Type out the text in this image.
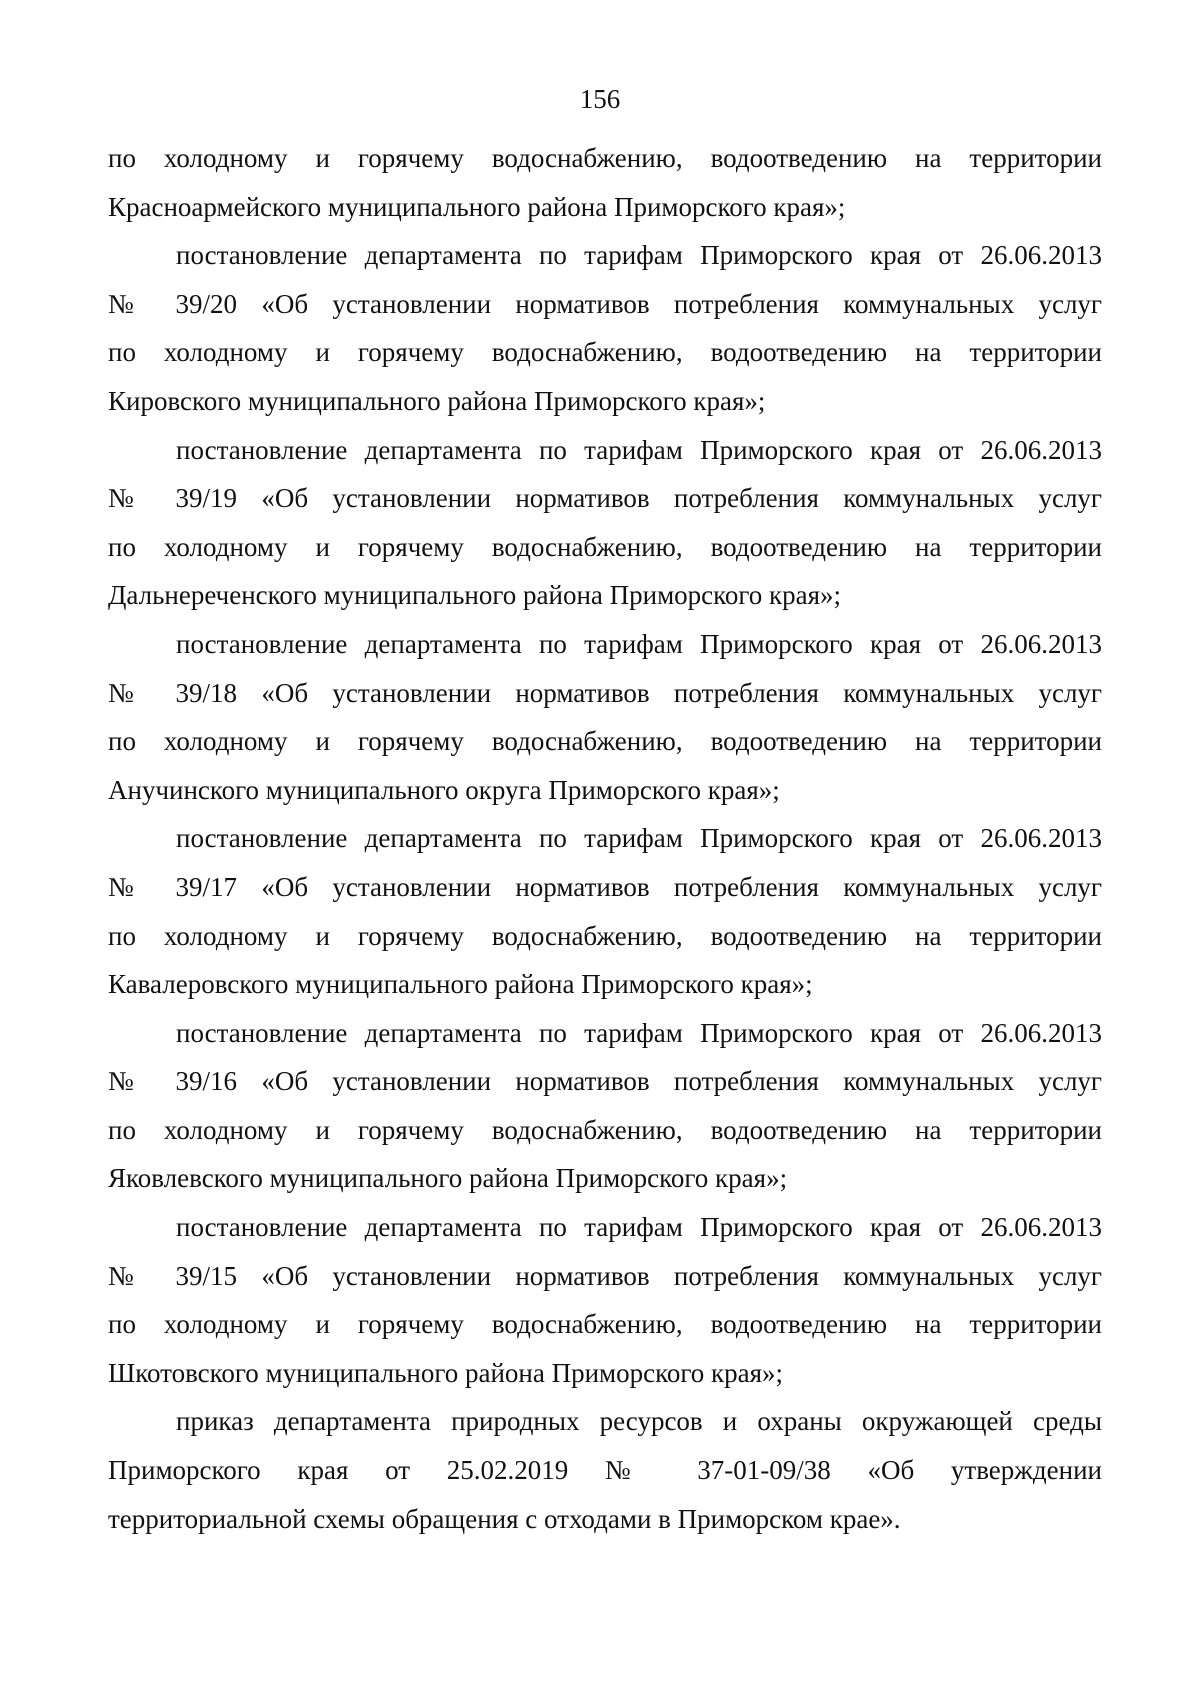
156

по холодному и горячему водоснабжению, водоотведению на территории
Красноармейского муниципального района Приморского края»;

постановление департамента по тарифам Приморского края от 26.06.2013
№ 39/20 «Об установлении нормативов потребления коммунальных услуг
по холодному и горячему водоснабжению, водоотведению на территории
Кировского муниципального района Приморского края»;

постановление департамента по тарифам Приморского края от 26.06.2013
№ 39/19 «Об установлении нормативов потребления коммунальных услуг
по холодному и горячему водоснабжению, водоотведению на территории
Дальнереченского муниципального района Приморского края»;

постановление департамента по тарифам Приморского края от 26.06.2013
№ 39/18 «Об установлении нормативов потребления коммунальных услуг
по холодному и горячему водоснабжению, водоотведению на территории
Анучинского муниципального округа Приморского края»;

постановление департамента по тарифам Приморского края от 26.06.2013
№ 39/17 «Об установлении нормативов потребления коммунальных услуг
по холодному и горячему водоснабжению, водоотведению на территории
Кавалеровского муниципального района Приморского края»;

постановление департамента по тарифам Приморского края от 26.06.2013
№ 39/16 «Об установлении нормативов потребления коммунальных услуг
по холодному и горячему водоснабжению, водоотведению на территории
Яковлевского муниципального района Приморского края»;

постановление департамента по тарифам Приморского края от 26.06.2013
№ 39/15 «Об установлении нормативов потребления коммунальных услуг
по холодному и горячему водоснабжению, водоотведению на территории
Шкотовского муниципального района Приморского края»;

приказ департамента природных ресурсов и охраны окружающей среды
Приморского края от 25.02.2019 № 37-01-09/38 «Об утверждении
территориальной схемы обращения с отходами в Приморском крае».
